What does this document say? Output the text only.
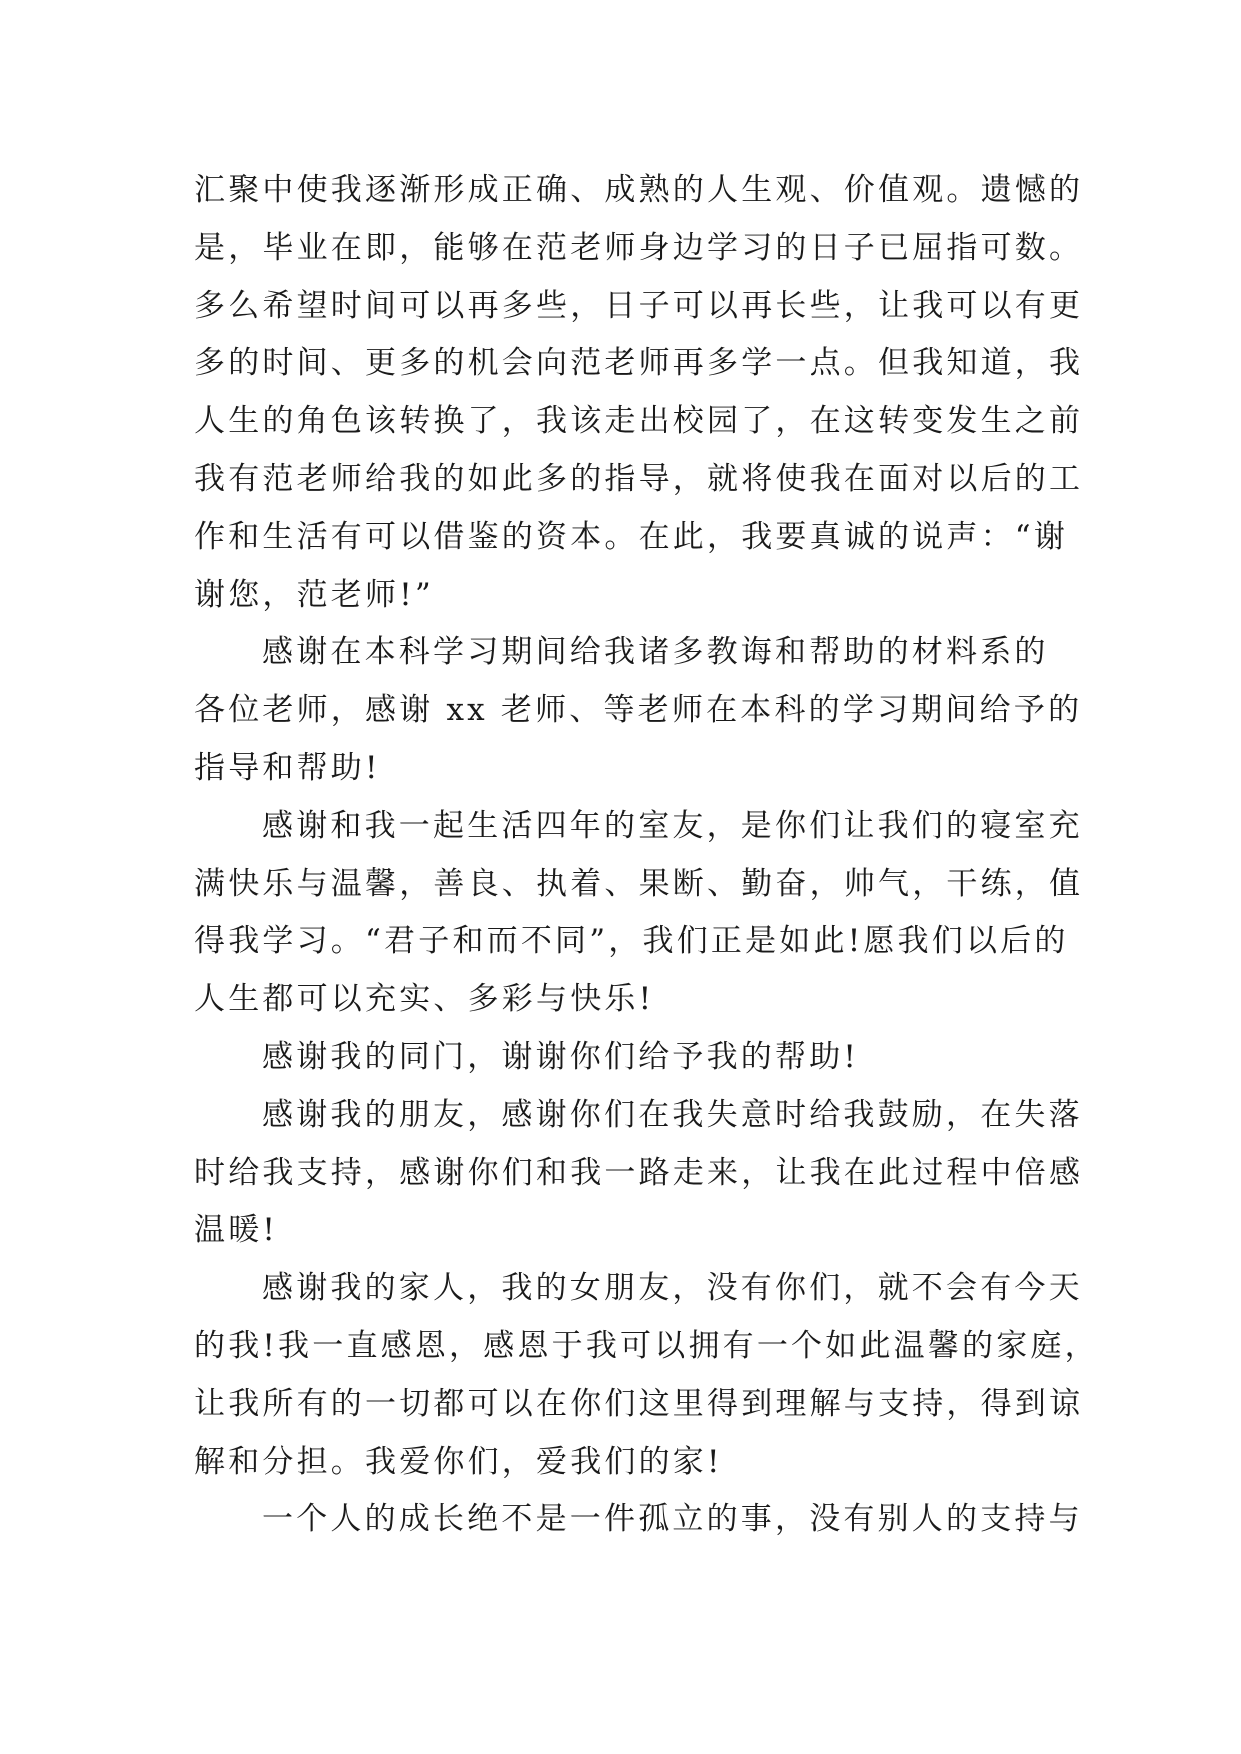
汇聚中使我逐渐形成正确、成熟的人生观、价值观。遗憾的
是，毕业在即，能够在范老师身边学习的日子已屈指可数。
多么希望时间可以再多些，日子可以再长些，让我可以有更
多的时间、更多的机会向范老师再多学一点。但我知道，我
人生的角色该转换了，我该走出校园了，在这转变发生之前
我有范老师给我的如此多的指导，就将使我在面对以后的工
作和生活有可以借鉴的资本。在此，我要真诚的说声：“谢
谢您，范老师!”
感谢在本科学习期间给我诸多教诲和帮助的材料系的
各位老师，感谢 xx 老师、等老师在本科的学习期间给予的
指导和帮助!
感谢和我一起生活四年的室友，是你们让我们的寝室充
满快乐与温馨，善良、执着、果断、勤奋，帅气，干练，值
得我学习。“君子和而不同”，我们正是如此!愿我们以后的
人生都可以充实、多彩与快乐!
感谢我的同门，谢谢你们给予我的帮助!
感谢我的朋友，感谢你们在我失意时给我鼓励，在失落
时给我支持，感谢你们和我一路走来，让我在此过程中倍感
温暖!
感谢我的家人，我的女朋友，没有你们，就不会有今天
的我!我一直感恩，感恩于我可以拥有一个如此温馨的家庭，
让我所有的一切都可以在你们这里得到理解与支持，得到谅
解和分担。我爱你们，爱我们的家!
一个人的成长绝不是一件孤立的事，没有别人的支持与
